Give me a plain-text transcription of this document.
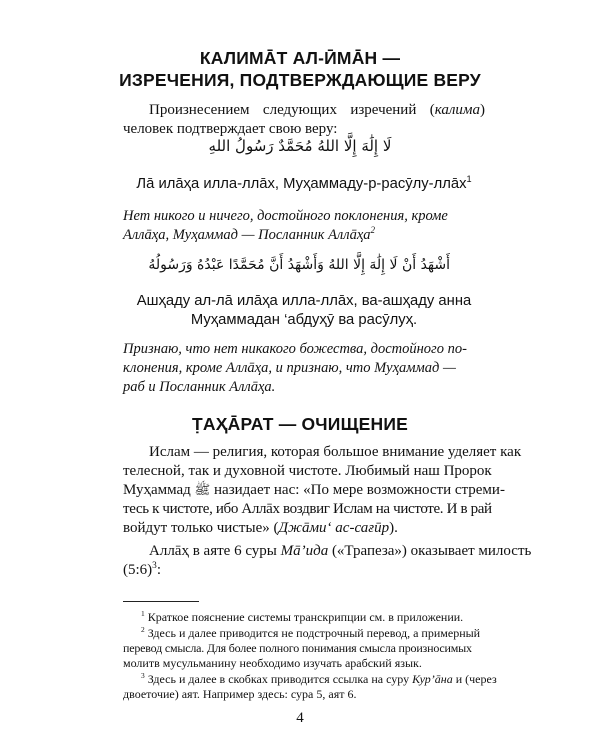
КАЛИМĀТ АЛ-ӢМĀН —
ИЗРЕЧЕНИЯ, ПОДТВЕРЖДАЮЩИЕ ВЕРУ

Произнесением следующих изречений (калима) человек подтверждает свою веру:

لَا إِلَٰهَ إِلَّا اللهُ مُحَمَّدٌ رَسُولُ اللهِ

Лā илāҳа илла-ллāх, Муҳаммаду-р-расӯлу-ллāх$^1$

Нет никого и ничего, достойного поклонения, кроме Аллāҳа, Муҳаммад — Посланник Аллāҳа$^2$

أَشْهَدُ أَنْ لَا إِلَٰهَ إِلَّا اللهُ وَأَشْهَدُ أَنَّ مُحَمَّدًا عَبْدُهُ وَرَسُولُهُ

Ашҳаду ал-лā илāҳа илла-ллāх, ва-ашҳаду анна

Муҳаммадан ‘абдуҳӯ ва расӯлуҳ.

Признаю, что нет никакого божества, достойного по-

клонения, кроме Аллāҳа, и признаю, что Муҳаммад —

раб и Посланник Аллāҳа.

ṬАҲĀРАТ — ОЧИЩЕНИЕ

Ислам — религия, которая большое внимание уделяет как

телесной, так и духовной чистоте. Любимый наш Пророк

Муҳаммад ﷺ назидает нас: «По мере возможности стреми-

тесь к чистоте, ибо Аллāх воздвиг Ислам на чистоте. И в рай

войдут только чистые» (Джāми‘ ас-сағӣр).

Аллāҳ в аяте 6 суры Мā’ида («Трапеза») оказывает милость

(5:6)$^3$:

$^1$ Краткое пояснение системы транскрипции см. в приложении.

$^2$ Здесь и далее приводится не подстрочный перевод, а примерный

перевод смысла. Для более полного понимания смысла произносимых

молитв мусульманину необходимо изучать арабский язык.

$^3$ Здесь и далее в скобках приводится ссылка на суру Кур’āна и (через

двоеточие) аят. Например здесь: сура 5, аят 6.

4
